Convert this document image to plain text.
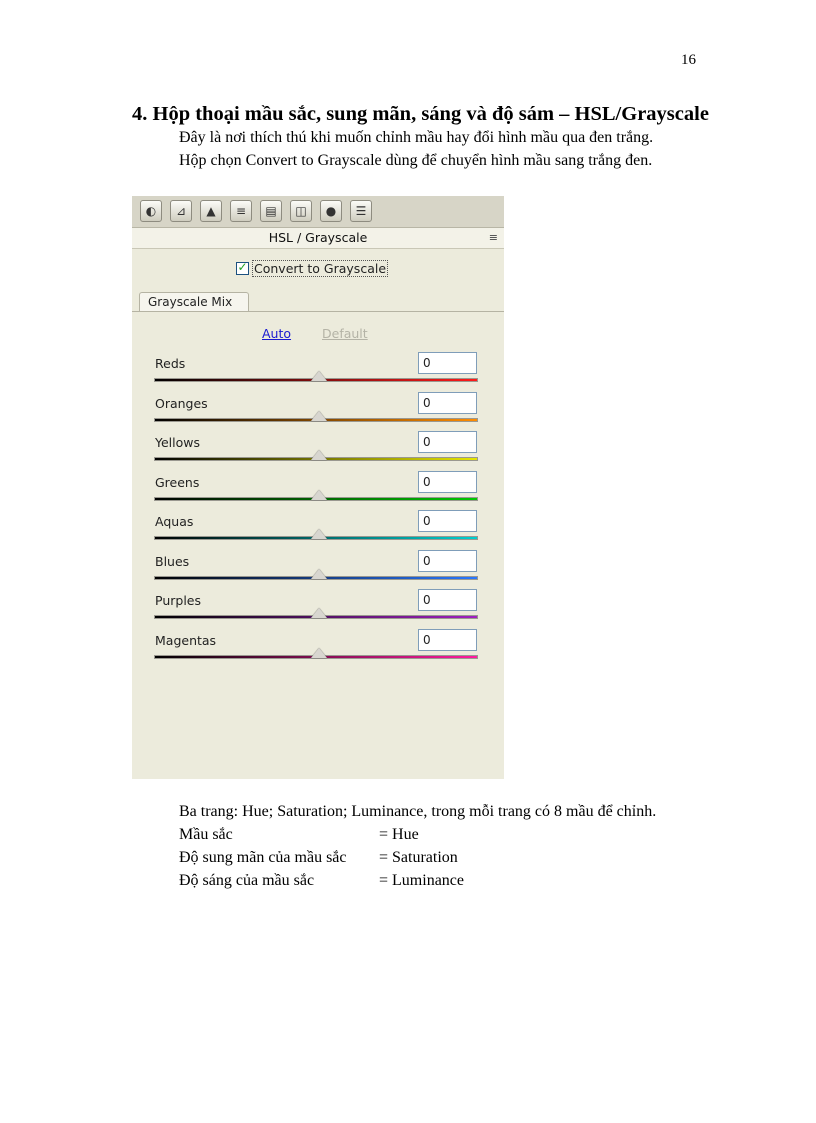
16
4. Hộp thoại mầu sắc, sung mãn, sáng và độ sám – HSL/Grayscale
Đây là nơi thích thú khi muốn chỉnh mầu hay đổi hình mầu qua đen trắng.
Hộp chọn Convert to Grayscale dùng để chuyển hình mầu sang trắng đen.
◐	⊿	▲	≡	▤	◫	●	☰
HSL / Grayscale	≡
✓ Convert to Grayscale
Grayscale Mix
Auto Default
Reds	0
Oranges	0
Yellows	0
Greens	0
Aquas	0
Blues	0
Purples	0
Magentas	0
Ba trang: Hue; Saturation; Luminance, trong mỗi trang có 8 mầu để chỉnh.
Mầu sắc	= Hue
Độ sung mãn của mầu sắc = Saturation
Độ sáng của mầu sắc	= Luminance
